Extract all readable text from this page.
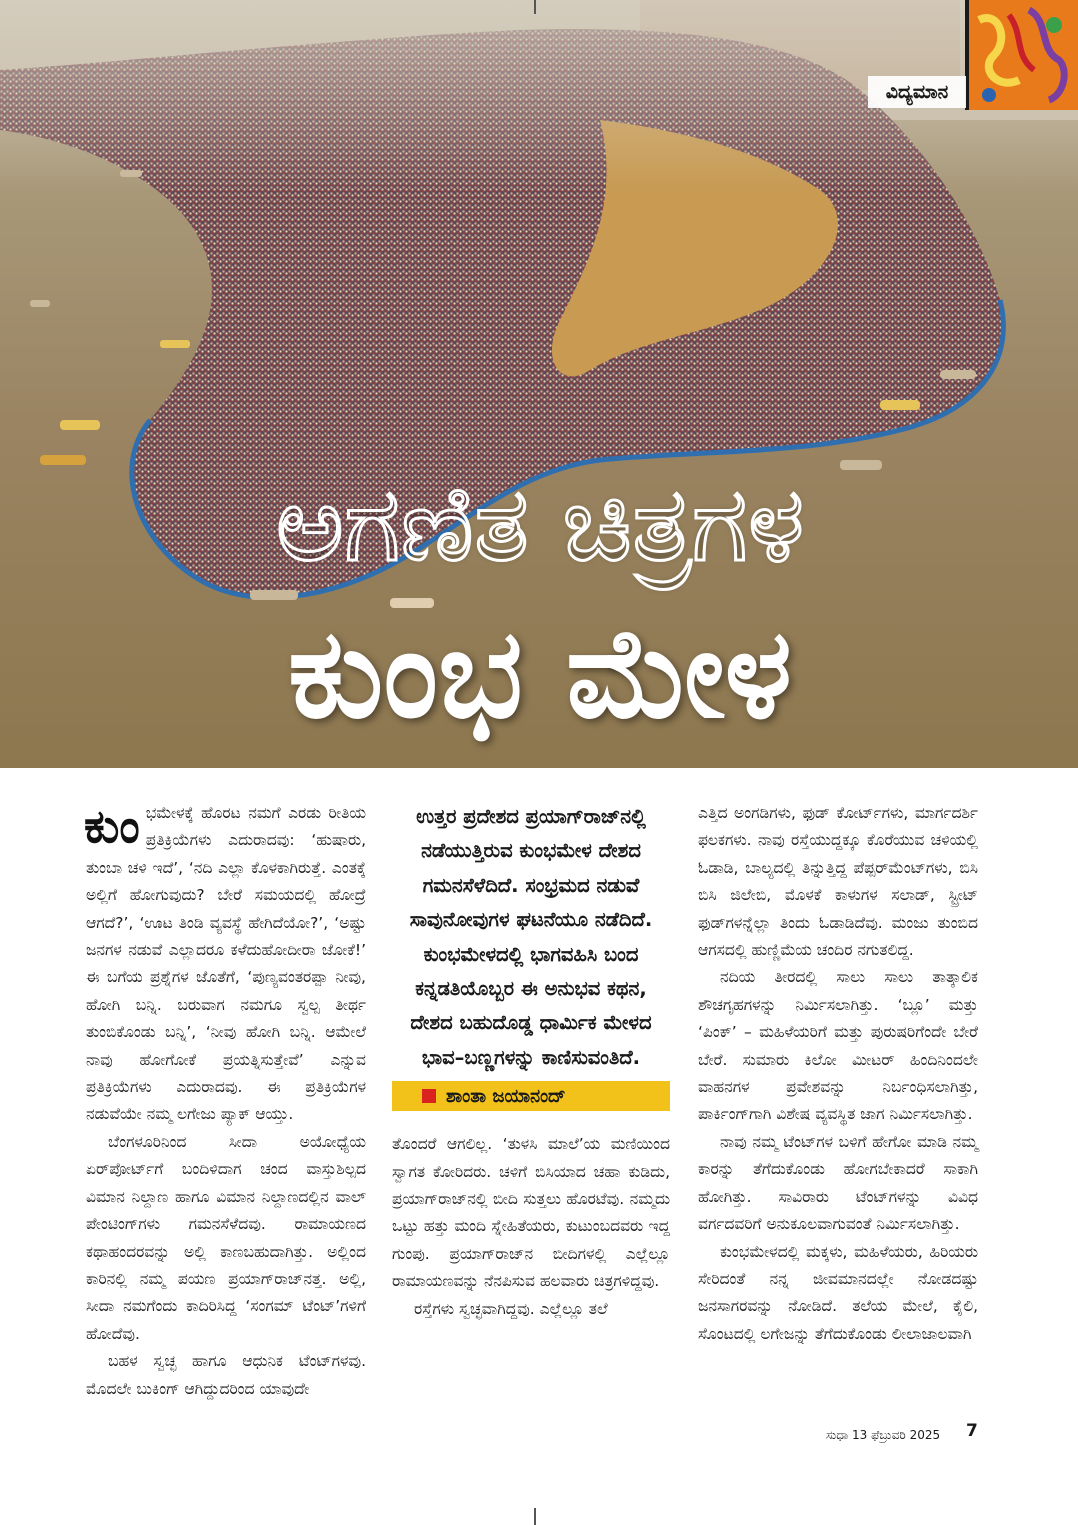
ವಿದ್ಯಮಾನ
ಅಗಣಿತ ಚಿತ್ರಗಳ
ಕುಂಭ ಮೇಳ

ಕುಂಭಮೇಳಕ್ಕೆ ಹೊರಟ ನಮಗೆ ಎರಡು ರೀತಿಯ ಪ್ರತಿಕ್ರಿಯೆಗಳು ಎದುರಾದವು: ‘ಹುಷಾರು, ತುಂಬಾ ಚಳಿ ಇದೆ’, ‘ನದಿ ಎಲ್ಲಾ ಕೊಳಕಾಗಿರುತ್ತೆ. ಎಂತಕ್ಕೆ ಅಲ್ಲಿಗೆ ಹೋಗುವುದು? ಬೇರೆ ಸಮಯದಲ್ಲಿ ಹೋದ್ರೆ ಆಗದೆ?’, ‘ಊಟ ತಿಂಡಿ ವ್ಯವಸ್ಥೆ ಹೇಗಿದೆಯೋ?’, ‘ಅಷ್ಟು ಜನಗಳ ನಡುವೆ ಎಲ್ಲಾದರೂ ಕಳೆದುಹೋದೀರಾ ಜೋಕೆ!’ ಈ ಬಗೆಯ ಪ್ರಶ್ನೆಗಳ ಜೊತೆಗೆ, ‘ಪುಣ್ಯವಂತರಪ್ಪಾ ನೀವು, ಹೋಗಿ ಬನ್ನಿ. ಬರುವಾಗ ನಮಗೂ ಸ್ವಲ್ಪ ತೀರ್ಥ ತುಂಬಿಕೊಂಡು ಬನ್ನಿ’, ‘ನೀವು ಹೋಗಿ ಬನ್ನಿ. ಆಮೇಲೆ ನಾವು ಹೋಗೋಕೆ ಪ್ರಯತ್ನಿಸುತ್ತೇವೆ’ ಎನ್ನುವ ಪ್ರತಿಕ್ರಿಯೆಗಳು ಎದುರಾದವು. ಈ ಪ್ರತಿಕ್ರಿಯೆಗಳ ನಡುವೆಯೇ ನಮ್ಮ ಲಗೇಜು ಪ್ಯಾಕ್ ಆಯ್ತು.

ಬೆಂಗಳೂರಿನಿಂದ ಸೀದಾ ಅಯೋಧ್ಯೆಯ ಏರ್‌ಪೋರ್ಟ್‌ಗೆ ಬಂದಿಳಿದಾಗ ಚಂದ ವಾಸ್ತುಶಿಲ್ಪದ ವಿಮಾನ ನಿಲ್ದಾಣ ಹಾಗೂ ವಿಮಾನ ನಿಲ್ದಾಣದಲ್ಲಿನ ವಾಲ್ ಪೇಂಟಿಂಗ್‌ಗಳು ಗಮನಸೆಳೆದವು. ರಾಮಾಯಣದ ಕಥಾಹಂದರವನ್ನು ಅಲ್ಲಿ ಕಾಣಬಹುದಾಗಿತ್ತು. ಅಲ್ಲಿಂದ ಕಾರಿನಲ್ಲಿ ನಮ್ಮ ಪಯಣ ಪ್ರಯಾಗ್‌ರಾಜ್‌ನತ್ತ. ಅಲ್ಲಿ, ಸೀದಾ ನಮಗೆಂದು ಕಾದಿರಿಸಿದ್ದ ‘ಸಂಗಮ್ ಟೆಂಟ್’ಗಳಿಗೆ ಹೋದೆವು.

ಬಹಳ ಸ್ವಚ್ಛ ಹಾಗೂ ಆಧುನಿಕ ಟೆಂಟ್‌ಗಳವು. ಮೊದಲೇ ಬುಕಿಂಗ್ ಆಗಿದ್ದುದರಿಂದ ಯಾವುದೇ

ಉತ್ತರ ಪ್ರದೇಶದ ಪ್ರಯಾಗ್‌ರಾಜ್‌ನಲ್ಲಿ ನಡೆಯುತ್ತಿರುವ ಕುಂಭಮೇಳ ದೇಶದ ಗಮನಸೆಳೆದಿದೆ. ಸಂಭ್ರಮದ ನಡುವೆ ಸಾವುನೋವುಗಳ ಘಟನೆಯೂ ನಡೆದಿದೆ. ಕುಂಭಮೇಳದಲ್ಲಿ ಭಾಗವಹಿಸಿ ಬಂದ ಕನ್ನಡತಿಯೊಬ್ಬರ ಈ ಅನುಭವ ಕಥನ, ದೇಶದ ಬಹುದೊಡ್ಡ ಧಾರ್ಮಿಕ ಮೇಳದ ಭಾವ–ಬಣ್ಣಗಳನ್ನು ಕಾಣಿಸುವಂತಿದೆ.
ಶಾಂತಾ ಜಯಾನಂದ್

ತೊಂದರೆ ಆಗಲಿಲ್ಲ. ‘ತುಳಸಿ ಮಾಲೆ’ಯ ಮಣಿಯಿಂದ ಸ್ವಾಗತ ಕೋರಿದರು. ಚಳಿಗೆ ಬಿಸಿಯಾದ ಚಹಾ ಕುಡಿದು, ಪ್ರಯಾಗ್‌ರಾಜ್‌ನಲ್ಲಿ ಬೀದಿ ಸುತ್ತಲು ಹೊರಟೆವು. ನಮ್ಮದು ಒಟ್ಟು ಹತ್ತು ಮಂದಿ ಸ್ನೇಹಿತೆಯರು, ಕುಟುಂಬದವರು ಇದ್ದ ಗುಂಪು. ಪ್ರಯಾಗ್‌ರಾಜ್‌ನ ಬೀದಿಗಳಲ್ಲಿ ಎಲ್ಲೆಲ್ಲೂ ರಾಮಾಯಣವನ್ನು ನೆನಪಿಸುವ ಹಲವಾರು ಚಿತ್ರಗಳಿದ್ದವು.

ರಸ್ತೆಗಳು ಸ್ವಚ್ಛವಾಗಿದ್ದವು. ಎಲ್ಲೆಲ್ಲೂ ತಲೆ

ಎತ್ತಿದ ಅಂಗಡಿಗಳು, ಫುಡ್ ಕೋರ್ಟ್‌ಗಳು, ಮಾರ್ಗದರ್ಶಿ ಫಲಕಗಳು. ನಾವು ರಸ್ತೆಯುದ್ದಕ್ಕೂ ಕೊರೆಯುವ ಚಳಿಯಲ್ಲಿ ಓಡಾಡಿ, ಬಾಲ್ಯದಲ್ಲಿ ತಿನ್ನುತ್ತಿದ್ದ ಪೆಪ್ಪರ್‌ಮೆಂಟ್‌ಗಳು, ಬಿಸಿ ಬಿಸಿ ಜಿಲೇಬಿ, ಮೊಳಕೆ ಕಾಳುಗಳ ಸಲಾಡ್, ಸ್ಟ್ರೀಟ್ ಫುಡ್‌ಗಳನ್ನೆಲ್ಲಾ ತಿಂದು ಓಡಾಡಿದೆವು. ಮಂಜು ತುಂಬಿದ ಆಗಸದಲ್ಲಿ ಹುಣ್ಣಿಮೆಯ ಚಂದಿರ ನಗುತಲಿದ್ದ.

ನದಿಯ ತೀರದಲ್ಲಿ ಸಾಲು ಸಾಲು ತಾತ್ಕಾಲಿಕ ಶೌಚಗೃಹಗಳನ್ನು ನಿರ್ಮಿಸಲಾಗಿತ್ತು. ‘ಬ್ಲೂ’ ಮತ್ತು ‘ಪಿಂಕ್’ – ಮಹಿಳೆಯರಿಗೆ ಮತ್ತು ಪುರುಷರಿಗೆಂದೇ ಬೇರೆ ಬೇರೆ. ಸುಮಾರು ಕಿಲೋ ಮೀಟರ್ ಹಿಂದಿನಿಂದಲೇ ವಾಹನಗಳ ಪ್ರವೇಶವನ್ನು ನಿರ್ಬಂಧಿಸಲಾಗಿತ್ತು, ಪಾರ್ಕಿಂಗ್‌ಗಾಗಿ ವಿಶೇಷ ವ್ಯವಸ್ಥಿತ ಜಾಗ ನಿರ್ಮಿಸಲಾಗಿತ್ತು.

ನಾವು ನಮ್ಮ ಟೆಂಟ್‌ಗಳ ಬಳಿಗೆ ಹೇಗೋ ಮಾಡಿ ನಮ್ಮ ಕಾರನ್ನು ತೆಗೆದುಕೊಂಡು ಹೋಗಬೇಕಾದರೆ ಸಾಕಾಗಿ ಹೋಗಿತ್ತು. ಸಾವಿರಾರು ಟೆಂಟ್‌ಗಳನ್ನು ವಿವಿಧ ವರ್ಗದವರಿಗೆ ಅನುಕೂಲವಾಗುವಂತೆ ನಿರ್ಮಿಸಲಾಗಿತ್ತು.

ಕುಂಭಮೇಳದಲ್ಲಿ ಮಕ್ಕಳು, ಮಹಿಳೆಯರು, ಹಿರಿಯರು ಸೇರಿದಂತೆ ನನ್ನ ಜೀವಮಾನದಲ್ಲೇ ನೋಡದಷ್ಟು ಜನಸಾಗರವನ್ನು ನೋಡಿದೆ. ತಲೆಯ ಮೇಲೆ, ಕೈಲಿ, ಸೊಂಟದಲ್ಲಿ ಲಗೇಜನ್ನು ತೆಗೆದುಕೊಂಡು ಲೀಲಾಜಾಲವಾಗಿ

ಸುಧಾ 13 ಫೆಬ್ರುವರಿ 2025 7
